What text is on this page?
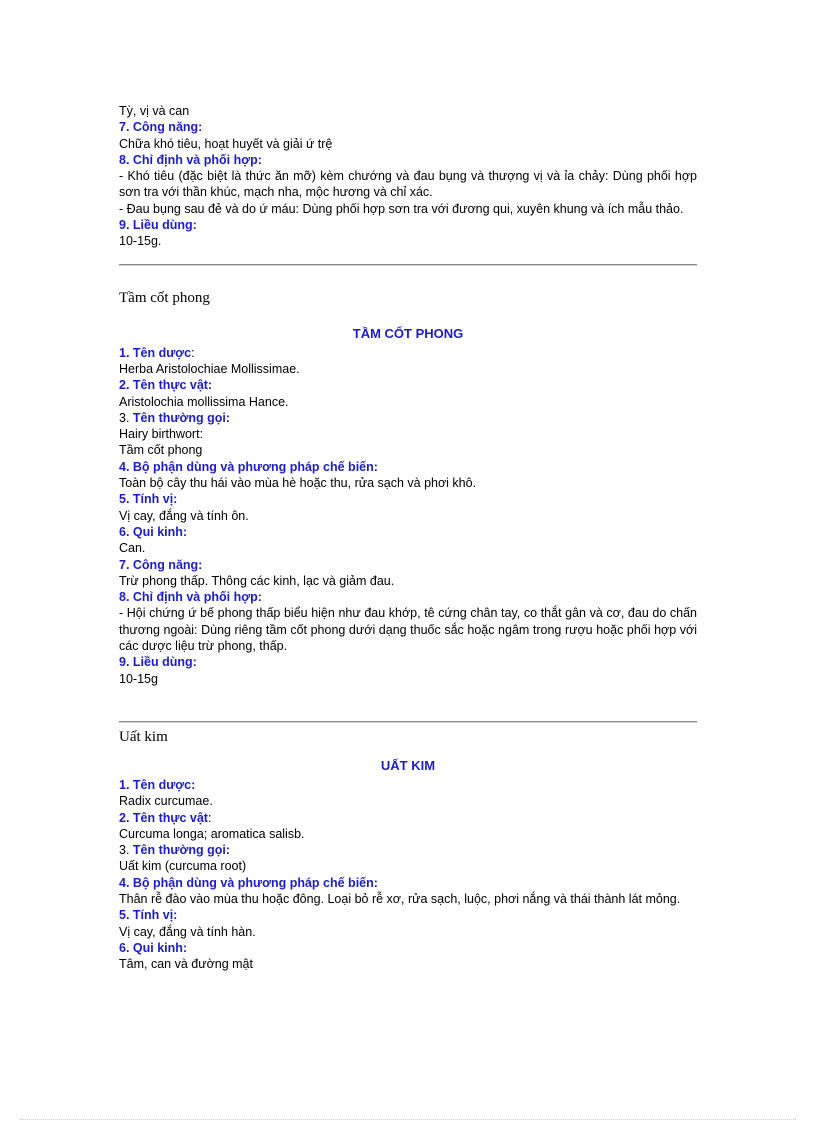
Tỳ, vị và can

7. Công năng:

Chữa khó tiêu, hoạt huyết và giải ứ trệ

8. Chỉ định và phối hợp:

- Khó tiêu (đặc biệt là thức ăn mỡ) kèm chướng và đau bụng và thượng vị và ỉa chảy: Dùng phối hợp sơn tra với thần khúc, mạch nha, mộc hương và chỉ xác.

- Đau bụng sau đẻ và do ứ máu: Dùng phối hợp sơn tra với đương qui, xuyên khung và ích mẫu thảo.

9. Liều dùng:

10-15g.

Tầm cốt phong

TẦM CỐT PHONG

1. Tên dược:

Herba Aristolochiae Mollissimae.

2. Tên thực vật:

Aristolochia mollissima Hance.

3. Tên thường gọi:

Hairy birthwort:

Tầm cốt phong

4. Bộ phận dùng và phương pháp chế biến:

Toàn bộ cây thu hái vào mùa hè hoặc thu, rửa sạch và phơi khô.

5. Tính vị:

Vị cay, đắng và tính ôn.

6. Qui kinh:

Can.

7. Công năng:

Trừ phong thấp. Thông các kinh, lạc và giảm đau.

8. Chỉ định và phối hợp:

- Hội chứng ứ bế phong thấp biểu hiện như đau khớp, tê cứng chân tay, co thắt gân và cơ, đau do chấn thương ngoài: Dùng riêng tầm cốt phong dưới dạng thuốc sắc hoặc ngâm trong rượu hoặc phối hợp với các dược liệu trừ phong, thấp.

9. Liều dùng:

10-15g

Uất kim

UẤT KIM

1. Tên dược:

Radix curcumae.

2. Tên thực vật:

Curcuma longa; aromatica salisb.

3. Tên thường gọi:

Uất kim (curcuma root)

4. Bộ phận dùng và phương pháp chế biến:

Thân rễ đào vào mùa thu hoặc đông. Loại bỏ rễ xơ, rửa sạch, luộc, phơi nắng và thái thành lát mỏng.

5. Tính vị:

Vị cay, đắng và tính hàn.

6. Qui kinh:

Tâm, can và đường mật
